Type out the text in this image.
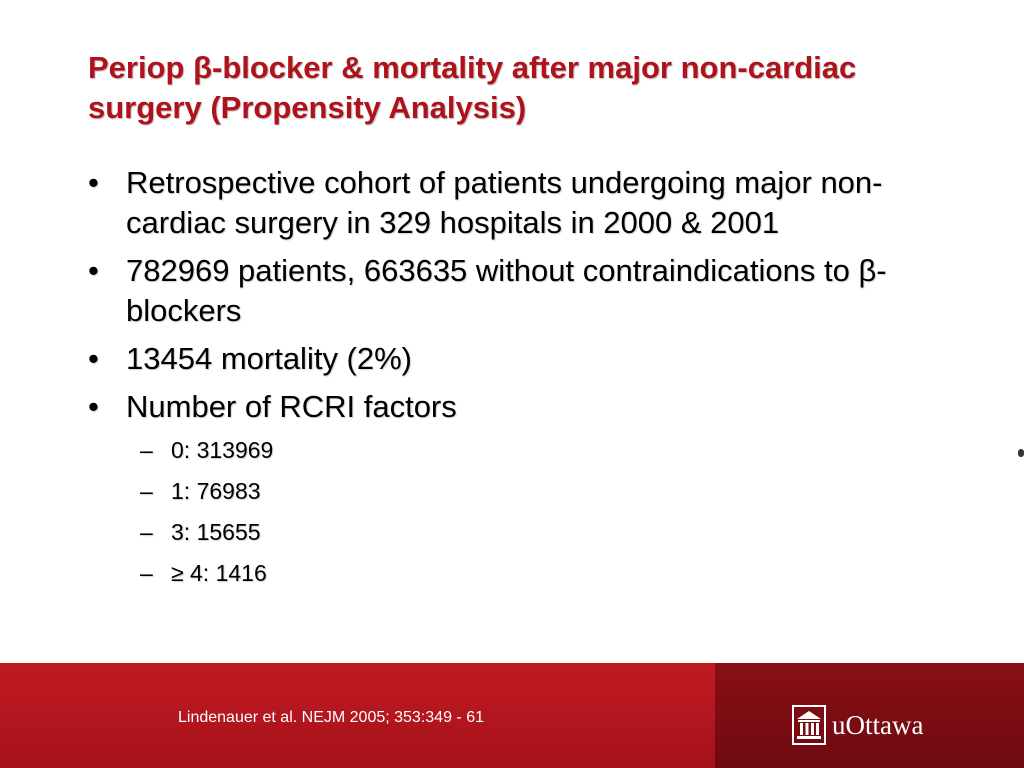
Periop β-blocker & mortality after major non-cardiac surgery (Propensity Analysis)
• Retrospective cohort of patients undergoing major non-cardiac surgery in 329 hospitals in 2000 & 2001
• 782969 patients, 663635 without contraindications to β-blockers
• 13454 mortality (2%)
• Number of RCRI factors
– 0: 313969
– 1: 76983
– 3: 15655
– ≥ 4: 1416
Lindenauer et al. NEJM 2005; 353:349 - 61	uOttawa
